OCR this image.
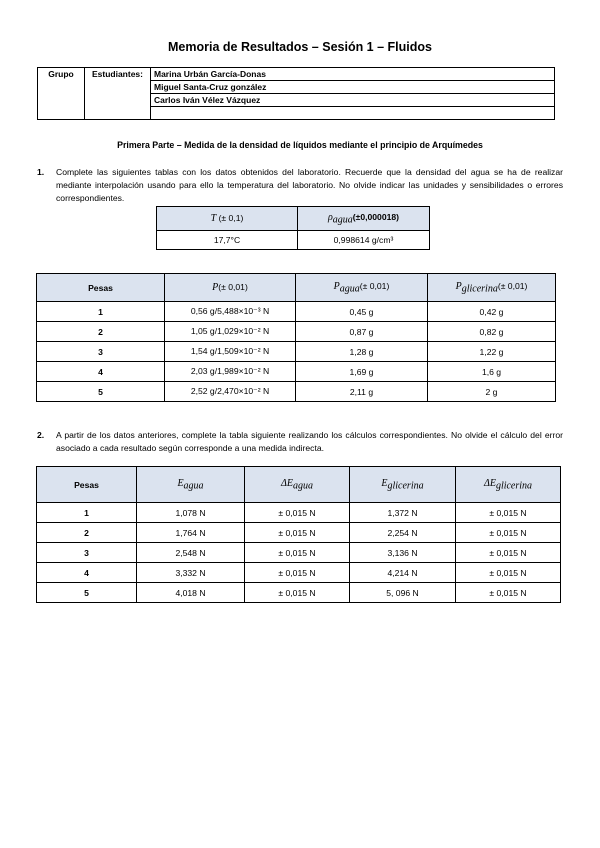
Memoria de Resultados – Sesión 1 – Fluidos
Grupo	Estudiantes:	Marina Urbán García-Donas
Miguel Santa-Cruz gonzález
Carlos Iván Vélez Vázquez

Primera Parte – Medida de la densidad de líquidos mediante el principio de Arquímedes
1. Complete las siguientes tablas con los datos obtenidos del laboratorio. Recuerde que la densidad del agua se ha de realizar mediante interpolación usando para ello la temperatura del laboratorio. No olvide indicar las unidades y sensibilidades o errores correspondientes.
T (± 0,1)	$\rho_{agua}(\pm 0,000018)$
17,7°C	0,998614 g/cm³
Pesas	P(± 0,01)	$P_{agua}(\pm 0,01)$	$P_{glicerina}(\pm 0,01)$
1	0,56 g/5,488×10⁻³ N	0,45 g	0,42 g
2	1,05 g/1,029×10⁻² N	0,87 g	0,82 g
3	1,54 g/1,509×10⁻² N	1,28 g	1,22 g
4	2,03 g/1,989×10⁻² N	1,69 g	1,6 g
5	2,52 g/2,470×10⁻² N	2,11 g	2 g
2. A partir de los datos anteriores, complete la tabla siguiente realizando los cálculos correspondientes. No olvide el cálculo del error asociado a cada resultado según corresponde a una medida indirecta.
Pesas	$E_{agua}$	$\Delta E_{agua}$	$E_{glicerina}$	$\Delta E_{glicerina}$
1	1,078 N	± 0,015 N	1,372 N	± 0,015 N
2	1,764 N	± 0,015 N	2,254 N	± 0,015 N
3	2,548 N	± 0,015 N	3,136 N	± 0,015 N
4	3,332 N	± 0,015 N	4,214 N	± 0,015 N
5	4,018 N	± 0,015 N	5, 096 N	± 0,015 N
